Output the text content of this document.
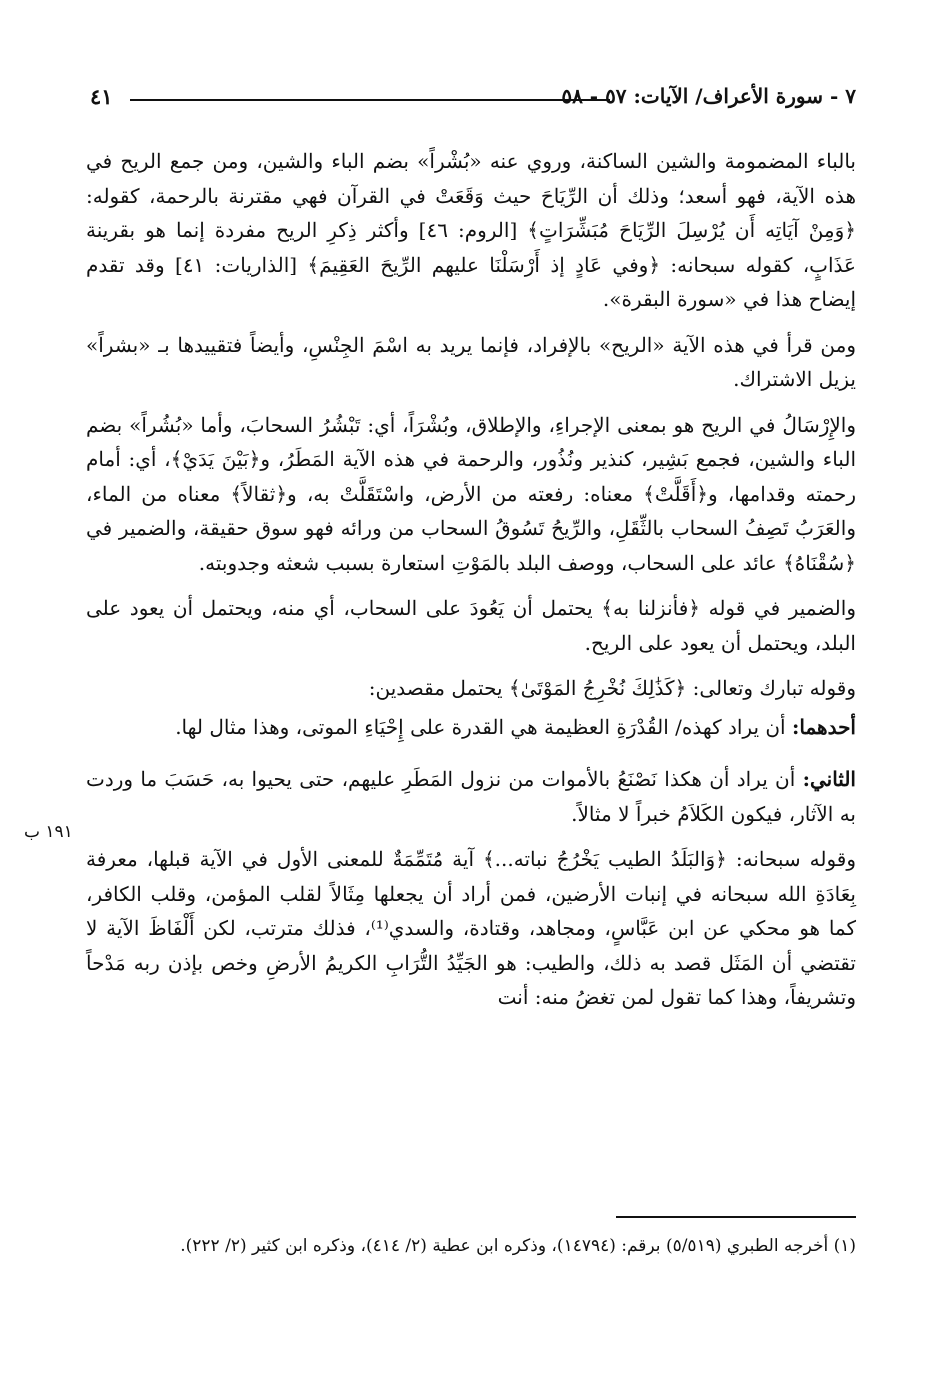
٤١	٧ - سورة الأعراف/ الآيات: ٥٧ - ٥٨

بالباء المضمومة والشين الساكنة، وروي عنه «بُشْراً» بضم الباء والشين، ومن جمع الريح في هذه الآية، فهو أسعد؛ وذلك أن الرِّيَاحَ حيث وَقَعَتْ في القرآن فهي مقترنة بالرحمة، كقوله: ﴿وَمِنْ آيَاتِه أَن يُرْسِلَ الرِّيَاحَ مُبَشِّرَاتٍ﴾ [الروم: ٤٦] وأكثر ذِكرِ الريح مفردة إنما هو بقرينة عَذَابٍ، كقوله سبحانه: ﴿وفي عَادٍ إذ أَرْسَلْنَا عليهم الرِّيحَ العَقِيمَ﴾ [الذاريات: ٤١] وقد تقدم إيضاح هذا في «سورة البقرة».

ومن قرأ في هذه الآية «الريح» بالإفراد، فإنما يريد به اسْمَ الجِنْسِ، وأيضاً فتقييدها بـ «بشراً» يزيل الاشتراك.

والإِرْسَالُ في الريح هو بمعنى الإجراءِ، والإطلاق، وبُشْرَاً، أي: تَبْشُرُ السحابَ، وأما «بُشُراً» بضم الباء والشين، فجمع بَشِير، كنذير ونُذُور، والرحمة في هذه الآية المَطَرُ، و﴿بَيْنَ يَدَيْ﴾، أي: أمام رحمته وقدامها، و﴿أَقَلَّتْ﴾ معناه: رفعته من الأرض، واسْتَقَلَّتْ به، و﴿ثقالاً﴾ معناه من الماء، والعَرَبُ تَصِفُ السحاب بالثِّقَلِ، والرِّيحُ تَسُوقُ السحاب من ورائه فهو سوق حقيقة، والضمير في ﴿سُقْنَاهُ﴾ عائد على السحاب، ووصف البلد بالمَوْتِ استعارة بسبب شعثه وجدوبته.

والضمير في قوله ﴿فأنزلنا به﴾ يحتمل أن يَعُودَ على السحاب، أي منه، ويحتمل أن يعود على البلد، ويحتمل أن يعود على الريح.

وقوله تبارك وتعالى: ﴿كَذَٰلِكَ نُخْرِجُ المَوْتَىٰ﴾ يحتمل مقصدين:

أحدهما: أن يراد كهذه/ القُدْرَةِ العظيمة هي القدرة على إِحْيَاءِ الموتى، وهذا مثال لها.

الثاني: أن يراد أن هكذا نَصْنَعُ بالأموات من نزول المَطَرِ عليهم، حتى يحيوا به، حَسَبَ ما وردت به الآثار، فيكون الكَلاَمُ خبراً لا مثالاً.

وقوله سبحانه: ﴿وَالبَلَدُ الطيب يَخْرُجُ نباته...﴾ آية مُتَمِّمَةٌ للمعنى الأول في الآية قبلها، معرفة بِعَادَةِ الله سبحانه في إنبات الأرضين، فمن أراد أن يجعلها مِثَالاً لقلب المؤمن، وقلب الكافر، كما هو محكي عن ابن عَبَّاسٍ، ومجاهد، وقتادة، والسدي⁽¹⁾، فذلك مترتب، لكن أَلْفَاظَ الآية لا تقتضي أن المَثَل قصد به ذلك، والطيب: هو الجَيِّدُ التُّرَابِ الكريمُ الأرضِ وخص بإذن ربه مَدْحاً وتشريفاً، وهذا كما تقول لمن تغضُ منه: أنت

١٩١ ب

(١) أخرجه الطبري (٥/٥١٩) برقم: (١٤٧٩٤)، وذكره ابن عطية (٢/ ٤١٤)، وذكره ابن كثير (٢/ ٢٢٢).
